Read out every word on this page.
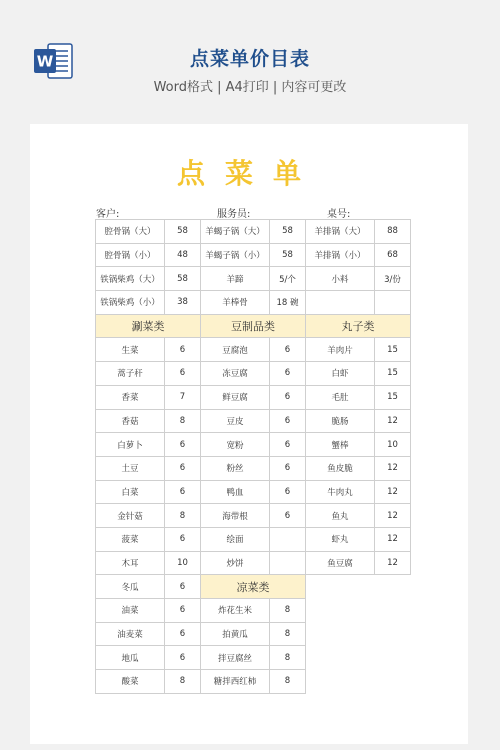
W	点菜单价目表
Word格式 | A4打印 | 内容可更改
点菜单
客户:	服务员:	桌号:
腔骨锅（大）	58	羊蝎子锅（大）	58	羊排锅（大）	88
腔骨锅（小）	48	羊蝎子锅（小）	58	羊排锅（小）	68
铁锅柴鸡（大）	58	羊蹄	5/个	小料	3/份
铁锅柴鸡（小）	38	羊棒骨	18 碗		
涮菜类		豆制品类		丸子类	
生菜	6	豆腐泡	6	羊肉片	15
蒿子秆	6	冻豆腐	6	白虾	15
香菜	7	鲜豆腐	6	毛肚	15
香菇	8	豆皮	6	脆肠	12
白萝卜	6	宽粉	6	蟹棒	10
土豆	6	粉丝	6	鱼皮脆	12
白菜	6	鸭血	6	牛肉丸	12
金针菇	8	海带根	6	鱼丸	12
菠菜	6	绘面		虾丸	12
木耳	10	炒饼		鱼豆腐	12
冬瓜	6	凉菜类			
油菜	6	炸花生米	8		
油麦菜	6	拍黄瓜	8		
地瓜	6	拌豆腐丝	8		
酸菜	8	糖拌西红柿	8		
